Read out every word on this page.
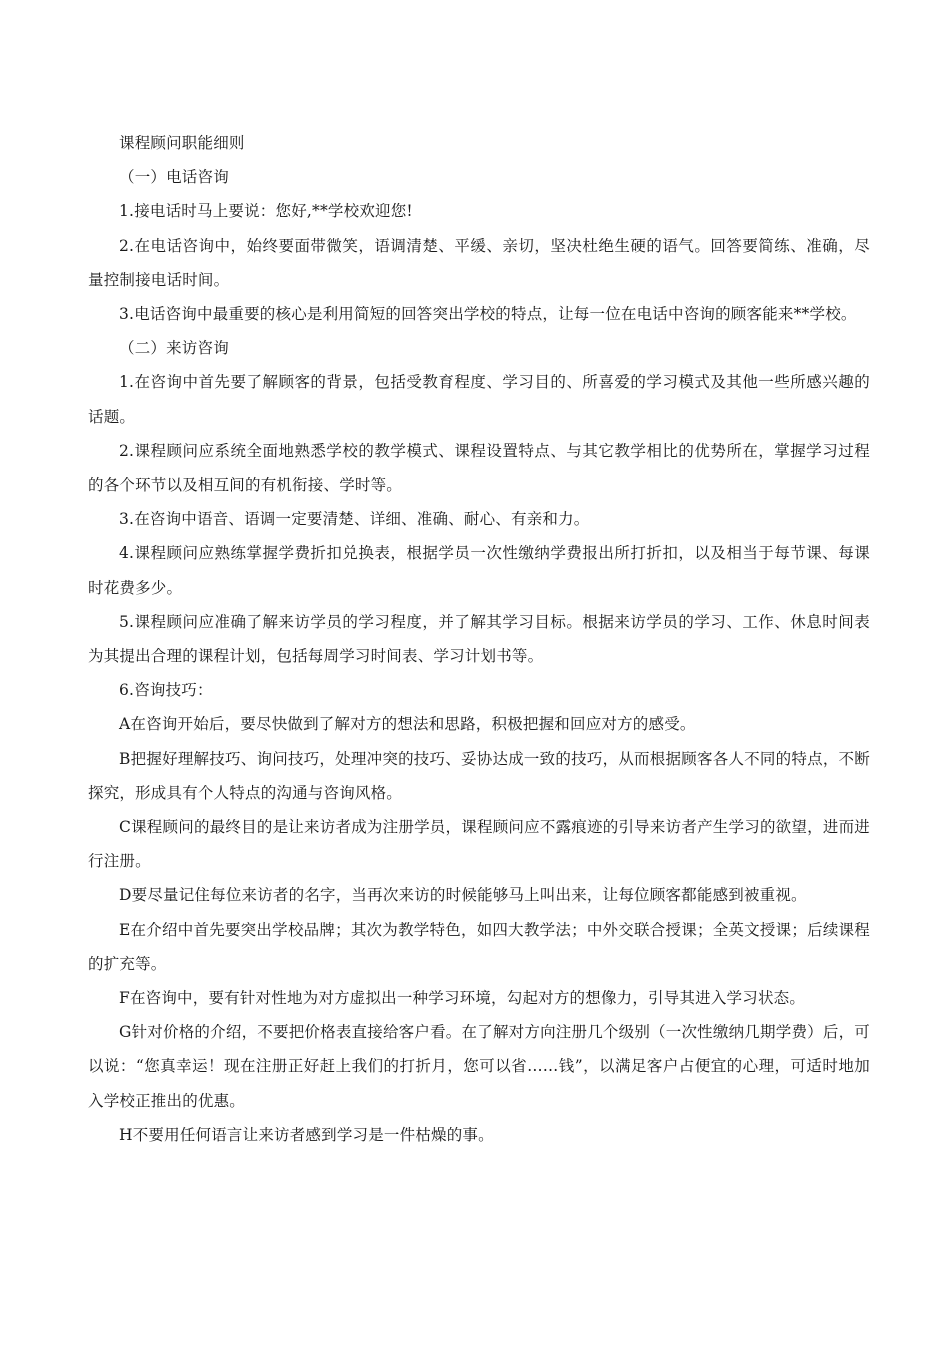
课程顾问职能细则

（一）电话咨询

1.接电话时马上要说：您好,**学校欢迎您!

2.在电话咨询中，始终要面带微笑，语调清楚、平缓、亲切，坚决杜绝生硬的语气。回答要简练、准确，尽量控制接电话时间。

3.电话咨询中最重要的核心是利用简短的回答突出学校的特点，让每一位在电话中咨询的顾客能来**学校。

（二）来访咨询

1.在咨询中首先要了解顾客的背景，包括受教育程度、学习目的、所喜爱的学习模式及其他一些所感兴趣的话题。

2.课程顾问应系统全面地熟悉学校的教学模式、课程设置特点、与其它教学相比的优势所在，掌握学习过程的各个环节以及相互间的有机衔接、学时等。

3.在咨询中语音、语调一定要清楚、详细、准确、耐心、有亲和力。

4.课程顾问应熟练掌握学费折扣兑换表，根据学员一次性缴纳学费报出所打折扣，以及相当于每节课、每课时花费多少。

5.课程顾问应准确了解来访学员的学习程度，并了解其学习目标。根据来访学员的学习、工作、休息时间表为其提出合理的课程计划，包括每周学习时间表、学习计划书等。

6.咨询技巧：

A在咨询开始后，要尽快做到了解对方的想法和思路，积极把握和回应对方的感受。

B把握好理解技巧、询问技巧，处理冲突的技巧、妥协达成一致的技巧，从而根据顾客各人不同的特点，不断探究，形成具有个人特点的沟通与咨询风格。

C课程顾问的最终目的是让来访者成为注册学员，课程顾问应不露痕迹的引导来访者产生学习的欲望，进而进行注册。

D要尽量记住每位来访者的名字，当再次来访的时候能够马上叫出来，让每位顾客都能感到被重视。

E在介绍中首先要突出学校品牌；其次为教学特色，如四大教学法；中外交联合授课；全英文授课；后续课程的扩充等。

F在咨询中，要有针对性地为对方虚拟出一种学习环境，勾起对方的想像力，引导其进入学习状态。

G针对价格的介绍，不要把价格表直接给客户看。在了解对方向注册几个级别（一次性缴纳几期学费）后，可以说：“您真幸运！现在注册正好赶上我们的打折月，您可以省……钱”，以满足客户占便宜的心理，可适时地加入学校正推出的优惠。

H不要用任何语言让来访者感到学习是一件枯燥的事。
